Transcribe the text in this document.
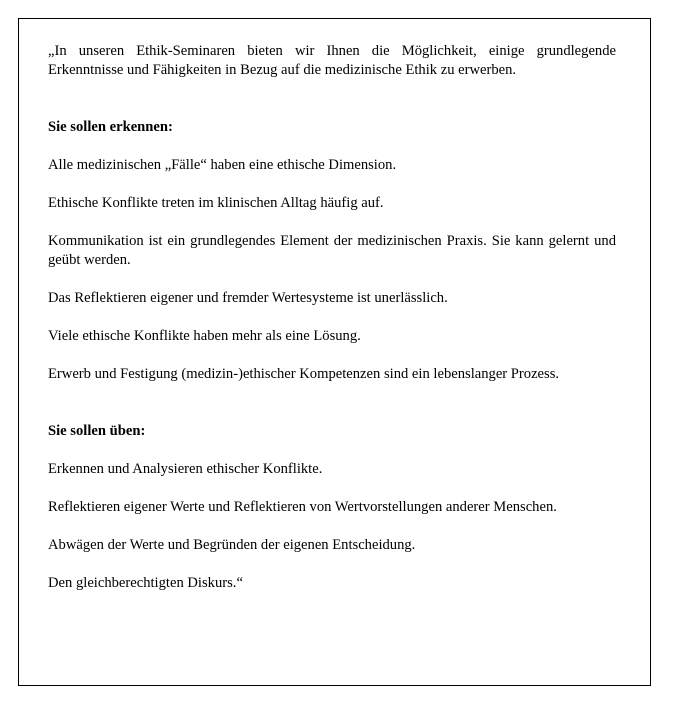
„In unseren Ethik-Seminaren bieten wir Ihnen die Möglichkeit, einige grundlegende Erkenntnisse und Fähigkeiten in Bezug auf die medizinische Ethik zu erwerben.

Sie sollen erkennen:

Alle medizinischen „Fälle“ haben eine ethische Dimension.

Ethische Konflikte treten im klinischen Alltag häufig auf.

Kommunikation ist ein grundlegendes Element der medizinischen Praxis. Sie kann gelernt und geübt werden.

Das Reflektieren eigener und fremder Wertesysteme ist unerlässlich.

Viele ethische Konflikte haben mehr als eine Lösung.

Erwerb und Festigung (medizin-)ethischer Kompetenzen sind ein lebenslanger Prozess.

Sie sollen üben:

Erkennen und Analysieren ethischer Konflikte.

Reflektieren eigener Werte und Reflektieren von Wertvorstellungen anderer Menschen.

Abwägen der Werte und Begründen der eigenen Entscheidung.

Den gleichberechtigten Diskurs.“
